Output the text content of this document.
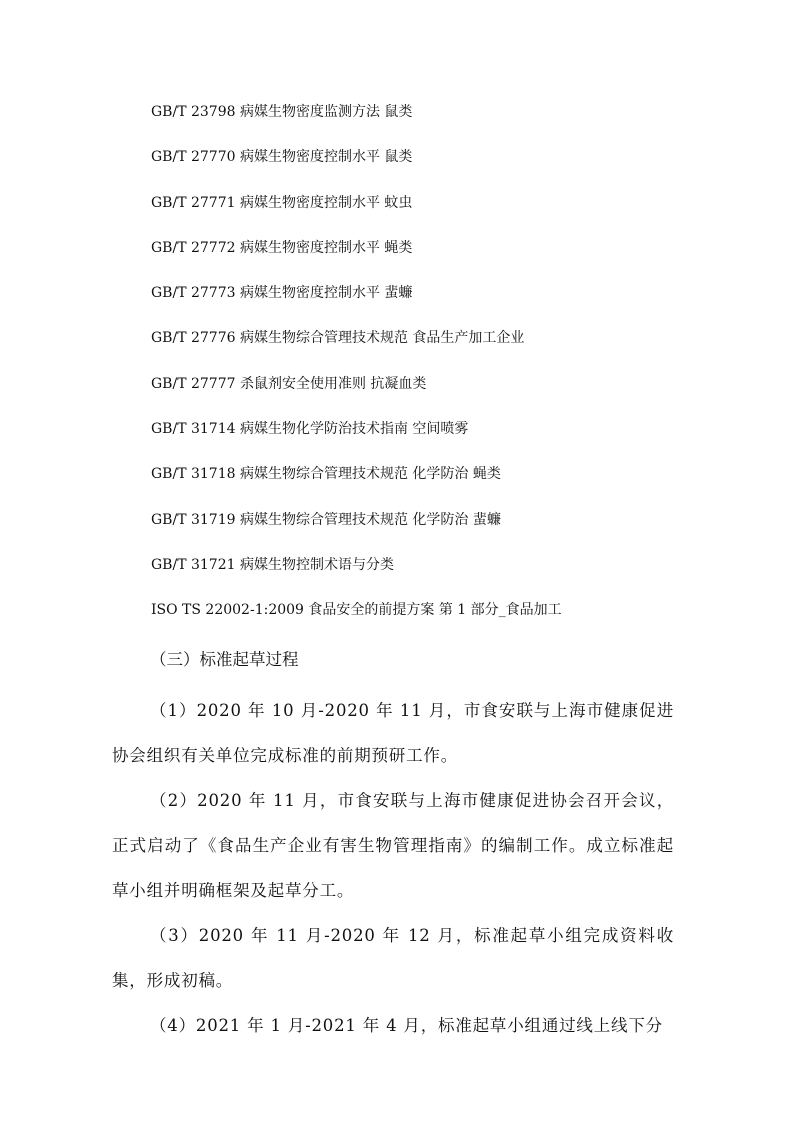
GB/T 23798 病媒生物密度监测方法 鼠类
GB/T 27770 病媒生物密度控制水平 鼠类
GB/T 27771 病媒生物密度控制水平 蚊虫
GB/T 27772 病媒生物密度控制水平 蝇类
GB/T 27773 病媒生物密度控制水平 蜚蠊
GB/T 27776 病媒生物综合管理技术规范 食品生产加工企业
GB/T 27777 杀鼠剂安全使用准则 抗凝血类
GB/T 31714 病媒生物化学防治技术指南 空间喷雾
GB/T 31718 病媒生物综合管理技术规范 化学防治 蝇类
GB/T 31719 病媒生物综合管理技术规范 化学防治 蜚蠊
GB/T 31721 病媒生物控制术语与分类
ISO TS 22002-1:2009 食品安全的前提方案 第 1 部分_食品加工
（三）标准起草过程

（1）2020 年 10 月-2020 年 11 月，市食安联与上海市健康促进协会组织有关单位完成标准的前期预研工作。

（2）2020 年 11 月，市食安联与上海市健康促进协会召开会议，正式启动了《食品生产企业有害生物管理指南》的编制工作。成立标准起草小组并明确框架及起草分工。

（3）2020 年 11 月-2020 年 12 月，标准起草小组完成资料收集，形成初稿。

（4）2021 年 1 月-2021 年 4 月，标准起草小组通过线上线下分
